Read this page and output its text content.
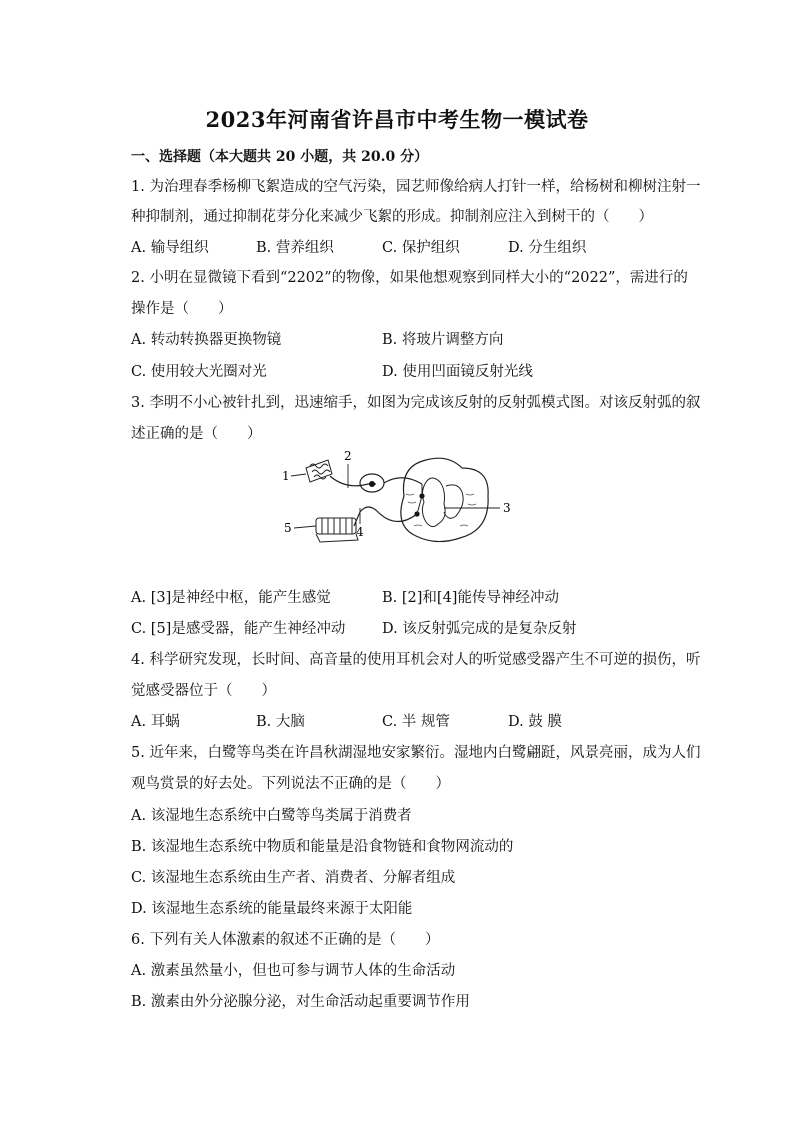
2023年河南省许昌市中考生物一模试卷
一、选择题（本大题共 20 小题，共 20.0 分）
1. 为治理春季杨柳飞絮造成的空气污染，园艺师像给病人打针一样，给杨树和柳树注射一
种抑制剂，通过抑制花芽分化来减少飞絮的形成。抑制剂应注入到树干的（　　）
A. 输导组织	B. 营养组织	C. 保护组织	D. 分生组织
2. 小明在显微镜下看到“2202”的物像，如果他想观察到同样大小的“2022”，需进行的
操作是（　　）
A. 转动转换器更换物镜	B. 将玻片调整方向
C. 使用较大光圈对光	D. 使用凹面镜反射光线
3. 李明不小心被针扎到，迅速缩手，如图为完成该反射的反射弧模式图。对该反射弧的叙
述正确的是（　　）
1
2
3
4
5
A. [3]是神经中枢，能产生感觉	B. [2]和[4]能传导神经冲动
C. [5]是感受器，能产生神经冲动	D. 该反射弧完成的是复杂反射
4. 科学研究发现，长时间、高音量的使用耳机会对人的听觉感受器产生不可逆的损伤，听
觉感受器位于（　　）
A. 耳蜗	B. 大脑	C. 半 规管	D. 鼓 膜
5. 近年来，白鹭等鸟类在许昌秋湖湿地安家繁衍。湿地内白鹭翩跹，风景亮丽，成为人们
观鸟赏景的好去处。下列说法不正确的是（　　）
A. 该湿地生态系统中白鹭等鸟类属于消费者
B. 该湿地生态系统中物质和能量是沿食物链和食物网流动的
C. 该湿地生态系统由生产者、消费者、分解者组成
D. 该湿地生态系统的能量最终来源于太阳能
6. 下列有关人体激素的叙述不正确的是（　　）
A. 激素虽然量小，但也可参与调节人体的生命活动
B. 激素由外分泌腺分泌，对生命活动起重要调节作用
